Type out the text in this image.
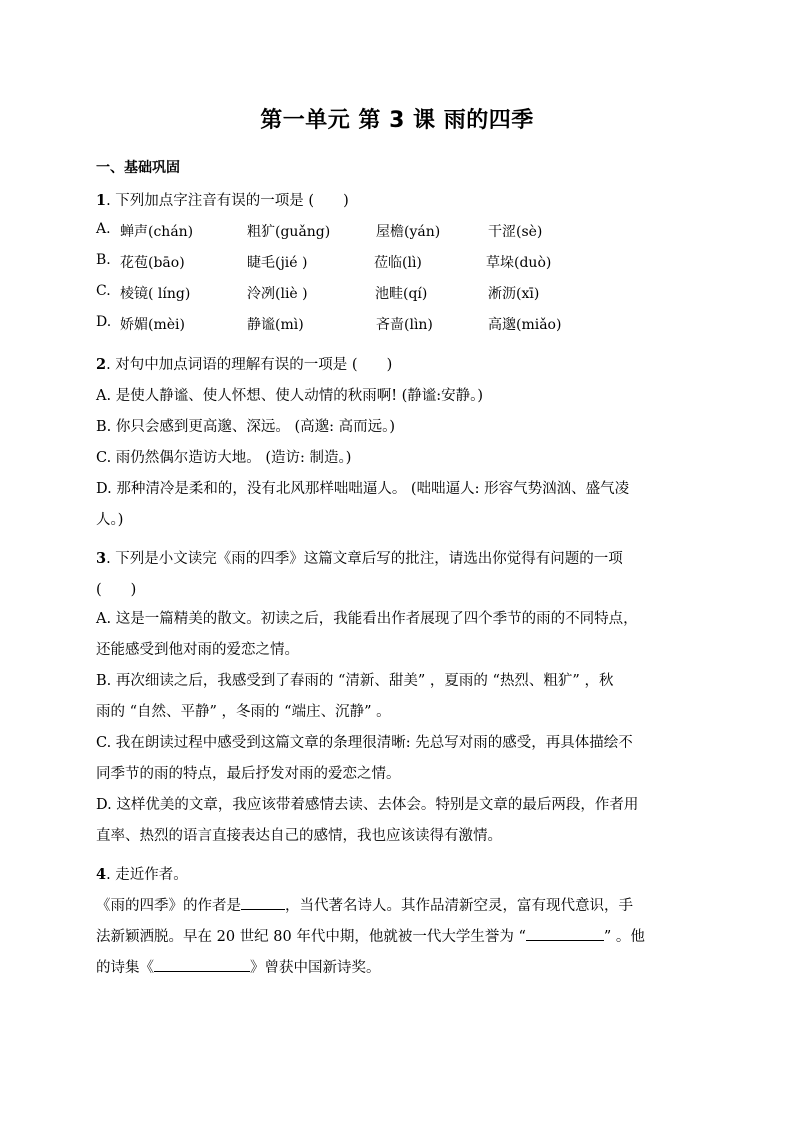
第一单元 第 3 课 雨的四季
一、基础巩固
1. 下列加点字注音有误的一项是 (　　)
A. 蝉声(chán)	粗犷(guǎng)	屋檐(yán)	干涩(sè)
B. 花苞(bāo)	睫毛(jié )	莅临(lì)	草垛(duò)
C. 棱镜( líng)	泠冽(liè )	池畦(qí)	淅沥(xī)
D. 娇媚(mèi)	静谧(mì)	吝啬(lìn)	高邈(miǎo)
2. 对句中加点词语的理解有误的一项是 (　　)
A. 是使人静谧、使人怀想、使人动情的秋雨啊! (静谧:安静。)
B. 你只会感到更高邈、深远。 (高邈: 高而远。)
C. 雨仍然偶尔造访大地。 (造访: 制造。)
D. 那种清冷是柔和的，没有北风那样咄咄逼人。 (咄咄逼人: 形容气势汹汹、盛气凌
人。)
3. 下列是小文读完《雨的四季》这篇文章后写的批注，请选出你觉得有问题的一项
(　　)
A. 这是一篇精美的散文。初读之后，我能看出作者展现了四个季节的雨的不同特点，
还能感受到他对雨的爱恋之情。
B. 再次细读之后，我感受到了春雨的 “清新、甜美” ，夏雨的 “热烈、粗犷” ，秋
雨的 “自然、平静” ，冬雨的 “端庄、沉静” 。
C. 我在朗读过程中感受到这篇文章的条理很清晰: 先总写对雨的感受，再具体描绘不
同季节的雨的特点，最后抒发对雨的爱恋之情。
D. 这样优美的文章，我应该带着感情去读、去体会。特别是文章的最后两段，作者用
直率、热烈的语言直接表达自己的感情，我也应该读得有激情。
4. 走近作者。
《雨的四季》的作者是	，当代著名诗人。其作品清新空灵，富有现代意识，手
法新颖洒脱。早在 20 世纪 80 年代中期，他就被一代大学生誉为 “	” 。他
的诗集《	》曾获中国新诗奖。
